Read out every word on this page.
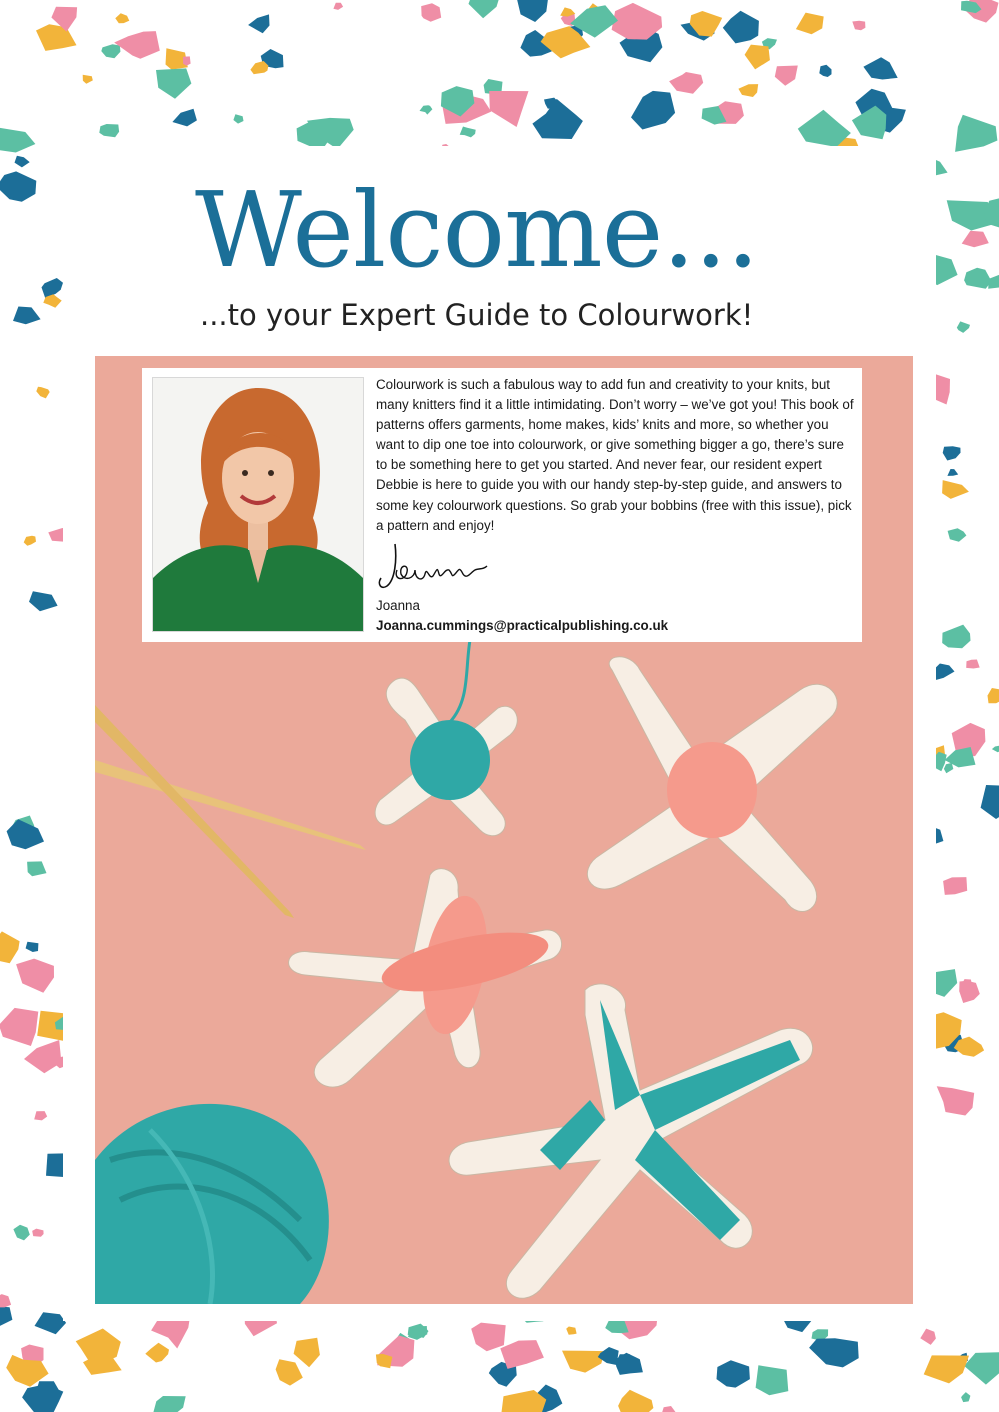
Welcome...
...to your Expert Guide to Colourwork!

Colourwork is such a fabulous way to add fun and creativity to your knits, but many knitters find it a little intimidating. Don’t worry – we’ve got you! This book of patterns offers garments, home makes, kids’ knits and more, so whether you want to dip one toe into colourwork, or give something bigger a go, there’s sure to be something here to get you started. And never fear, our resident expert Debbie is here to guide you with our handy step-by-step guide, and answers to some key colourwork questions. So grab your bobbins (free with this issue), pick a pattern and enjoy!

Joanna
Joanna.cummings@practicalpublishing.co.uk
